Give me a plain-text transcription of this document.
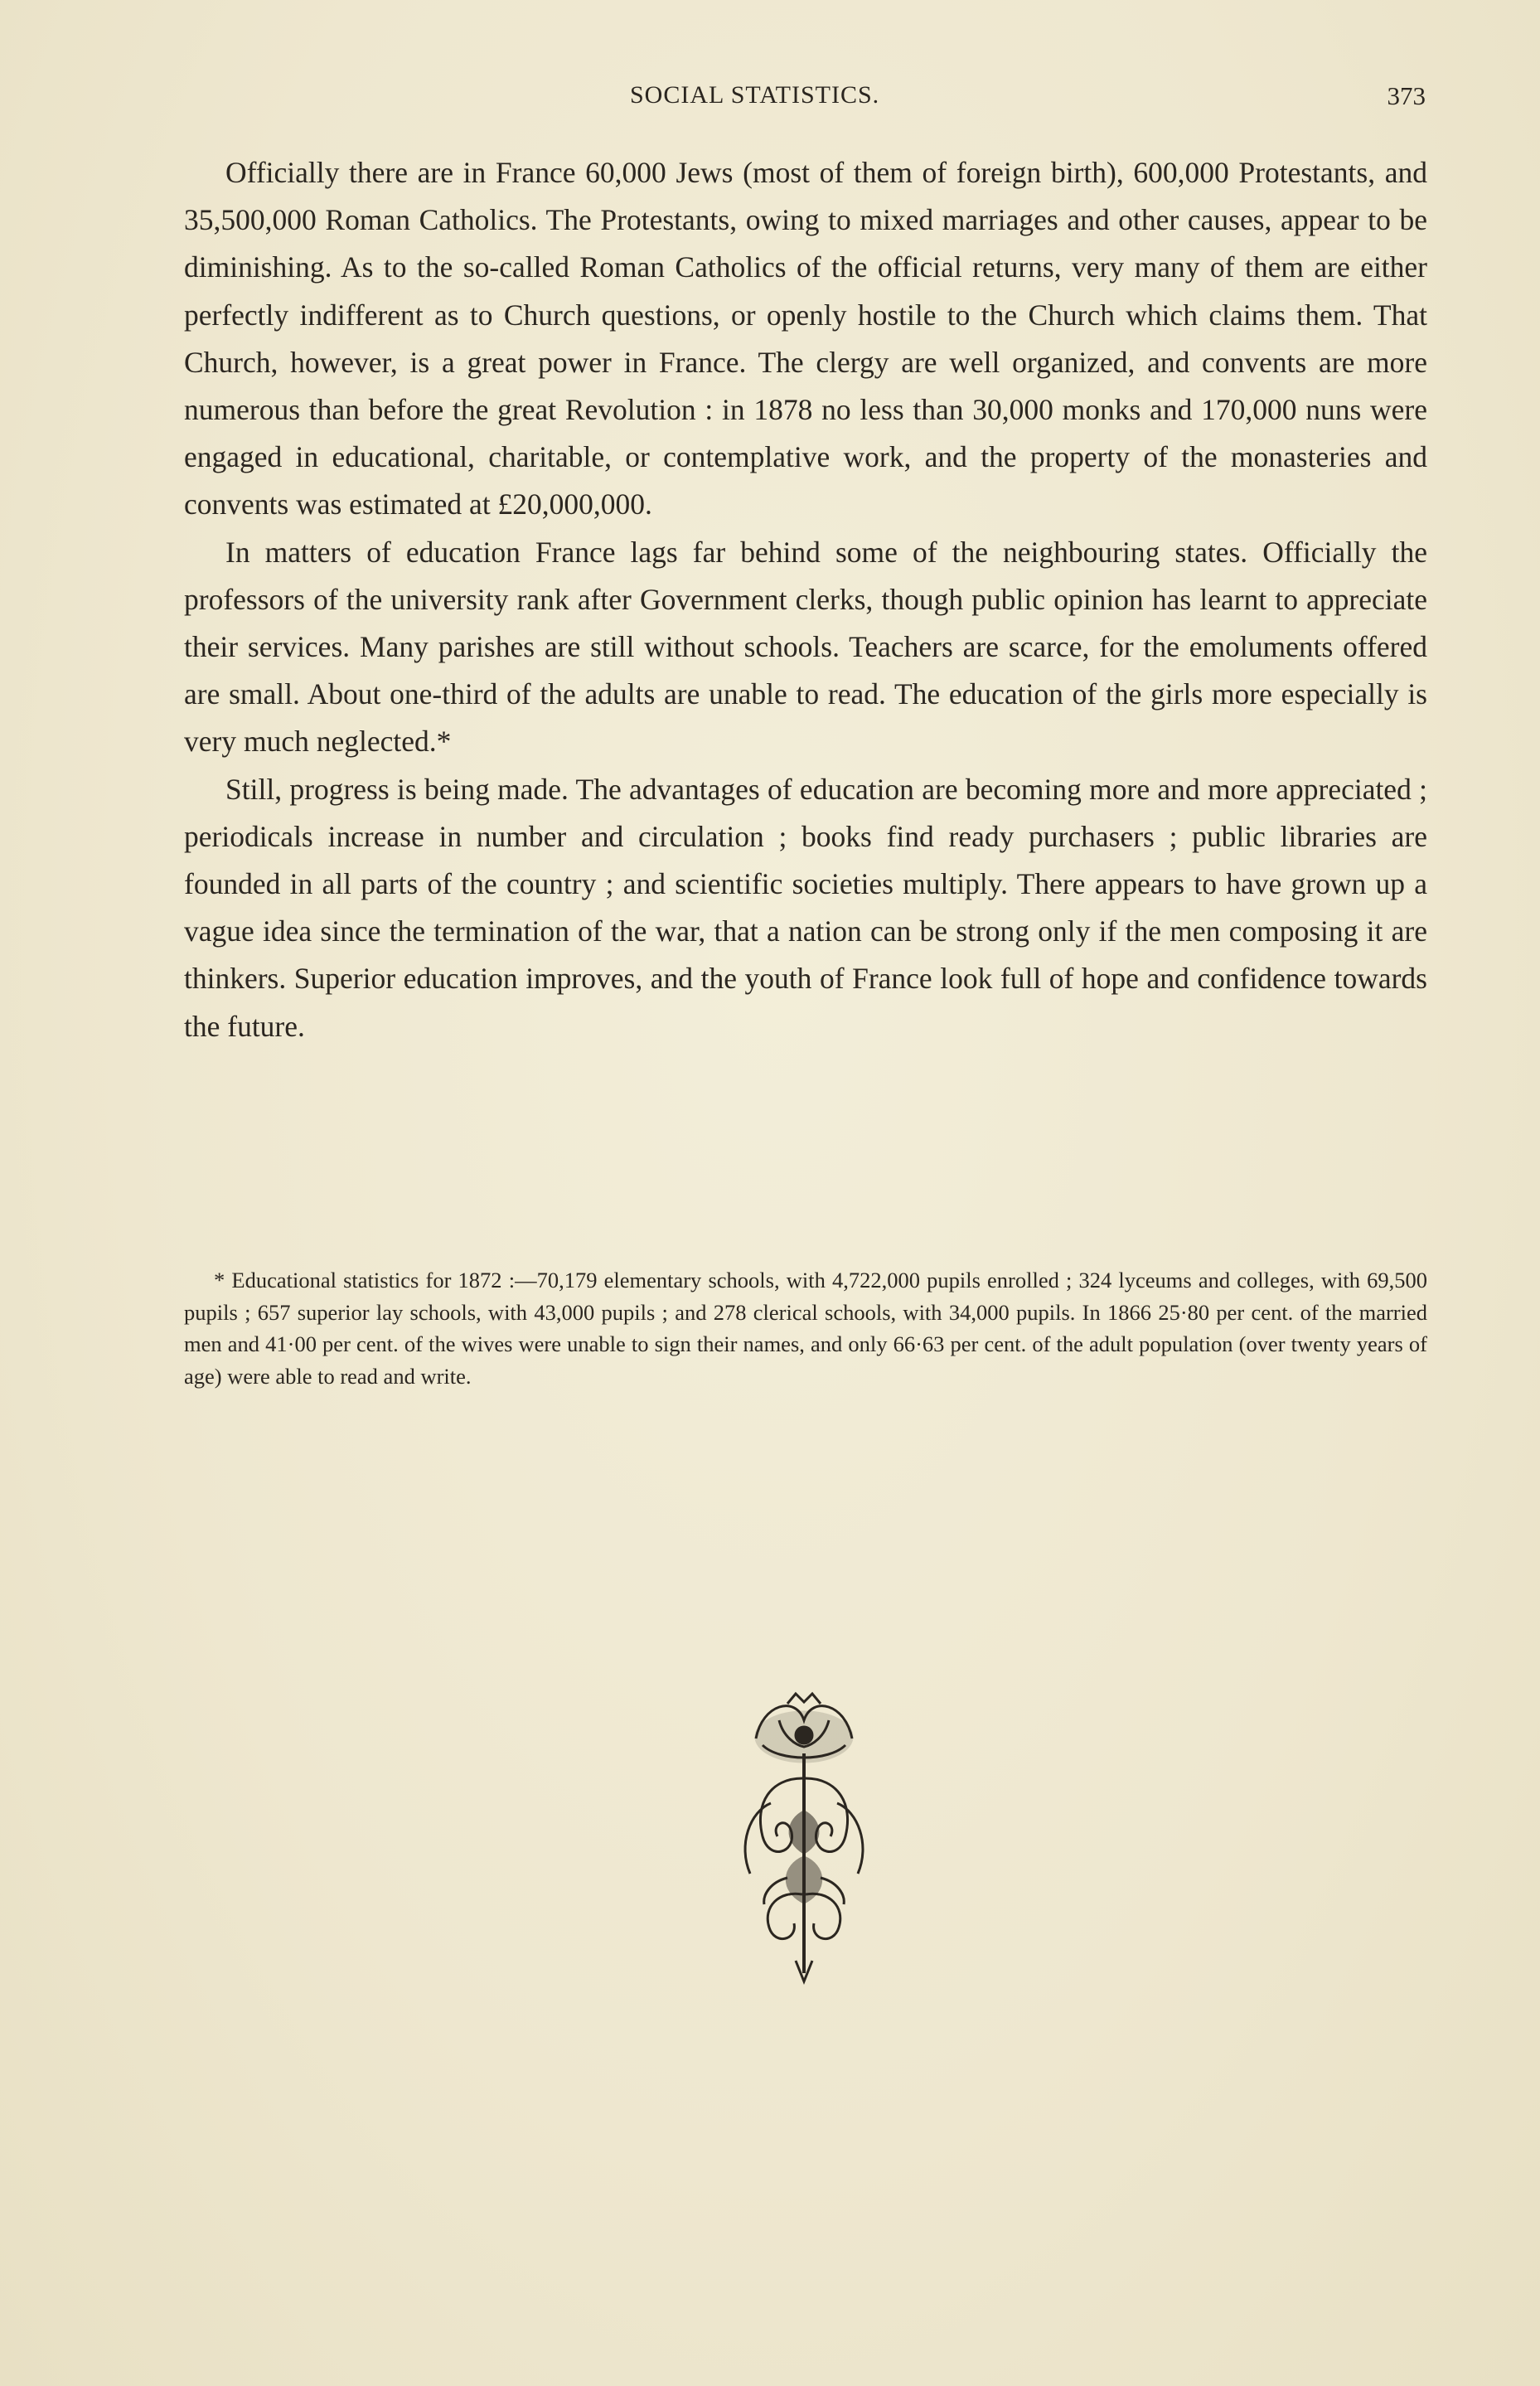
SOCIAL STATISTICS.	373

Officially there are in France 60,000 Jews (most of them of foreign birth), 600,000 Protestants, and 35,500,000 Roman Catholics. The Protestants, owing to mixed marriages and other causes, appear to be diminishing. As to the so-called Roman Catholics of the official returns, very many of them are either perfectly indifferent as to Church questions, or openly hostile to the Church which claims them. That Church, however, is a great power in France. The clergy are well organized, and convents are more numerous than before the great Revolution : in 1878 no less than 30,000 monks and 170,000 nuns were engaged in educational, charitable, or contemplative work, and the property of the monasteries and convents was estimated at £20,000,000.

In matters of education France lags far behind some of the neighbouring states. Officially the professors of the university rank after Government clerks, though public opinion has learnt to appreciate their services. Many parishes are still without schools. Teachers are scarce, for the emoluments offered are small. About one-third of the adults are unable to read. The education of the girls more especially is very much neglected.*

Still, progress is being made. The advantages of education are becoming more and more appreciated ; periodicals increase in number and circulation ; books find ready purchasers ; public libraries are founded in all parts of the country ; and scientific societies multiply. There appears to have grown up a vague idea since the termination of the war, that a nation can be strong only if the men composing it are thinkers. Superior education improves, and the youth of France look full of hope and confidence towards the future.

* Educational statistics for 1872 :—70,179 elementary schools, with 4,722,000 pupils enrolled ; 324 lyceums and colleges, with 69,500 pupils ; 657 superior lay schools, with 43,000 pupils ; and 278 clerical schools, with 34,000 pupils. In 1866 25·80 per cent. of the married men and 41·00 per cent. of the wives were unable to sign their names, and only 66·63 per cent. of the adult population (over twenty years of age) were able to read and write.
